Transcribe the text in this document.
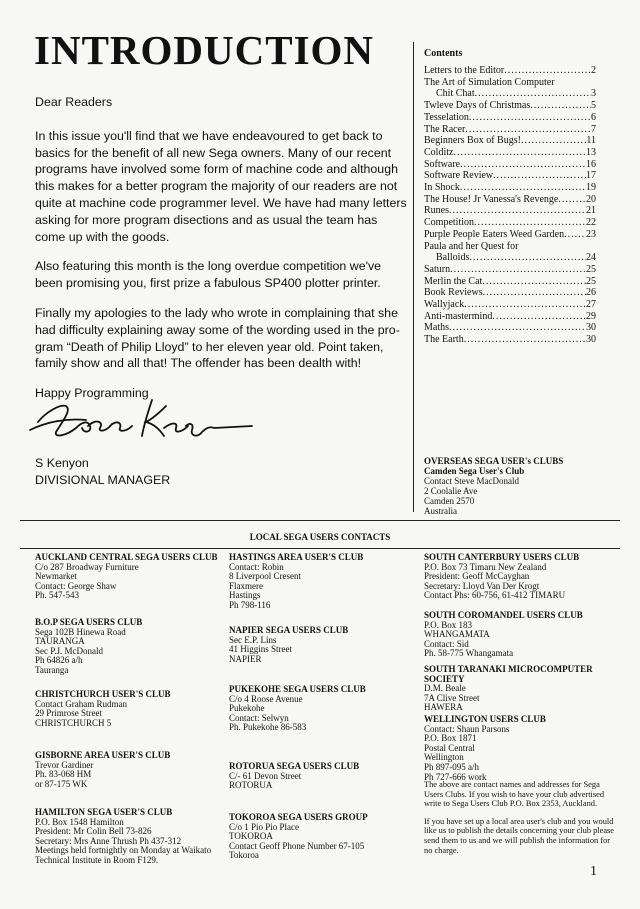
INTRODUCTION

Dear Readers

In this issue you'll find that we have endeavoured to get back to basics for the benefit of all new Sega owners. Many of our recent programs have involved some form of machine code and although this makes for a better program the majority of our readers are not quite at machine code programmer level. We have had many letters asking for more program disections and as usual the team has come up with the goods.

Also featuring this month is the long overdue competition we've been promising you, first prize a fabulous SP400 plotter printer.

Finally my apologies to the lady who wrote in complaining that she had difficulty explaining away some of the wording used in the pro-gram “Death of Philip Lloyd” to her eleven year old. Point taken, family show and all that! The offender has been dealth with!

Happy Programming

S Kenyon
DIVISIONAL MANAGER
Contents
Letters to the Editor .....	2
The Art of Simulation Computer
Chit Chat .....	3
Twleve Days of Christmas .....	5
Tesselation .....	6
The Racer .....	7
Beginners Box of Bugs! .....	11
Colditz .....	13
Software .....	16
Software Review .....	17
In Shock .....	19
The House! Jr Vanessa's Revenge .....	20
Runes .....	21
Competition .....	22
Purple People Eaters Weed Garden ..... 23
Paula and her Quest for
Balloids .....	24
Saturn .....	25
Merlin the Cat .....	25
Book Reviews .....	26
Wallyjack .....	27
Anti-mastermind .....	29
Maths .....	30
The Earth .....	30
OVERSEAS SEGA USER's CLUBS
Camden Sega User's Club
Contact Steve MacDonald
2 Coolalie Ave
Camden 2570
Australia
LOCAL SEGA USERS CONTACTS
AUCKLAND CENTRAL SEGA USERS CLUB
C/o 287 Broadway Furniture
Newmarket
Contact: George Shaw
Ph. 547-543
B.O.P SEGA USERS CLUB
Sega 102B Hinewa Road
TAURANGA
Sec P.J. McDonald
Ph 64826 a/h
Tauranga
CHRISTCHURCH USER'S CLUB
Contact Graham Rudman
29 Primrose Street
CHRISTCHURCH 5
GISBORNE AREA USER'S CLUB
Trevor Gardiner
Ph. 83-068 HM
or 87-175 WK
HAMILTON SEGA USER'S CLUB
P.O. Box 1548 Hamilton
President: Mr Colin Bell 73-826
Secretary: Mrs Anne Thrush Ph 437-312
Meetings held fortnightly on Monday at Waikato
Technical Institute in Room F129.
HASTINGS AREA USER'S CLUB
Contact: Robin
8 Liverpool Cresent
Flaxmere
Hastings
Ph 798-116
NAPIER SEGA USERS CLUB
Sec E.P. Lins
41 Higgins Street
NAPIER
PUKEKOHE SEGA USERS CLUB
C/o 4 Roose Avenue
Pukekohe
Contact: Selwyn
Ph. Pukekohe 86-583
ROTORUA SEGA USERS CLUB
C/- 61 Devon Street
ROTORUA
TOKOROA SEGA USERS GROUP
C/o 1 Pio Pio Place
TOKOROA
Contact Geoff Phone Number 67-105
Tokoroa
SOUTH CANTERBURY USERS CLUB
P.O. Box 73 Timaru New Zealand
President: Geoff McCayghan
Secretary: Lloyd Van Der Krogt
Contact Phs: 60-756, 61-412 TIMARU
SOUTH COROMANDEL USERS CLUB
P.O. Box 183
WHANGAMATA
Contact: Sid
Ph. 58-775 Whangamata
SOUTH TARANAKI MICROCOMPUTER SOCIETY
D.M. Beale
7A Clive Street
HAWERA
WELLINGTON USERS CLUB
Contact: Shaun Parsons
P.O. Box 1871
Postal Central
Wellington
Ph 897-095 a/h
Ph 727-666 work

The above are contact names and addresses for Sega Users Clubs. If you wish to have your club advertised write to Sega Users Club P.O. Box 2353, Auckland.

If you have set up a local area user's club and you would like us to publish the details concerning your club please send them to us and we will publish the information for no charge.

1
